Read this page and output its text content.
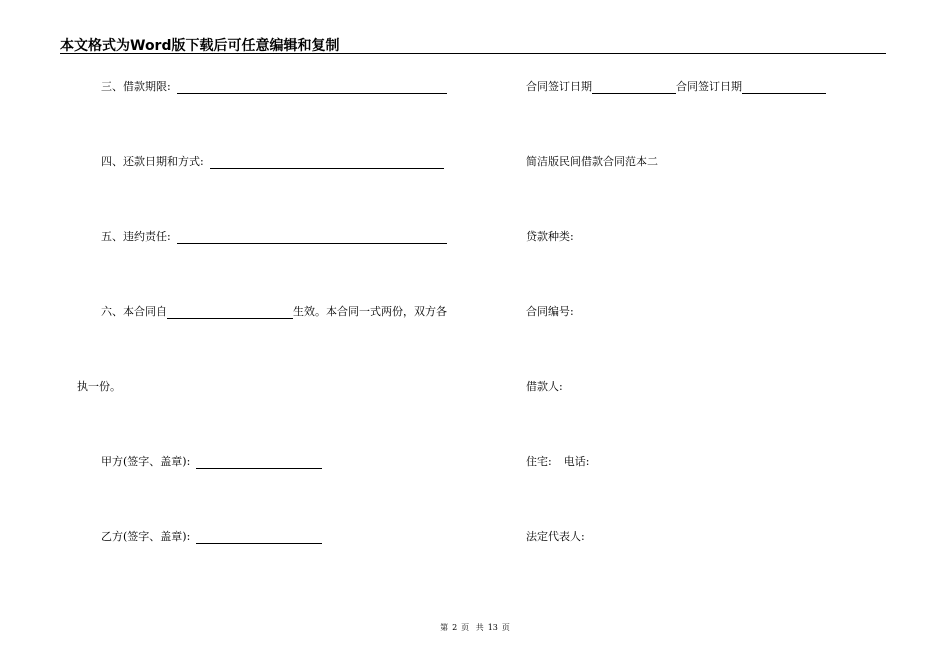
本文格式为Word版下载后可任意编辑和复制
三、借款期限:
四、还款日期和方式:
五、违约责任:
六、本合同自	生效。本合同一式两份，双方各
执一份。
甲方(签字、盖章):
乙方(签字、盖章):
合同签订日期	合同签订日期
简洁版民间借款合同范本二
贷款种类:
合同编号:
借款人:
住宅: 电话:
法定代表人:
第 2 页 共 13 页
